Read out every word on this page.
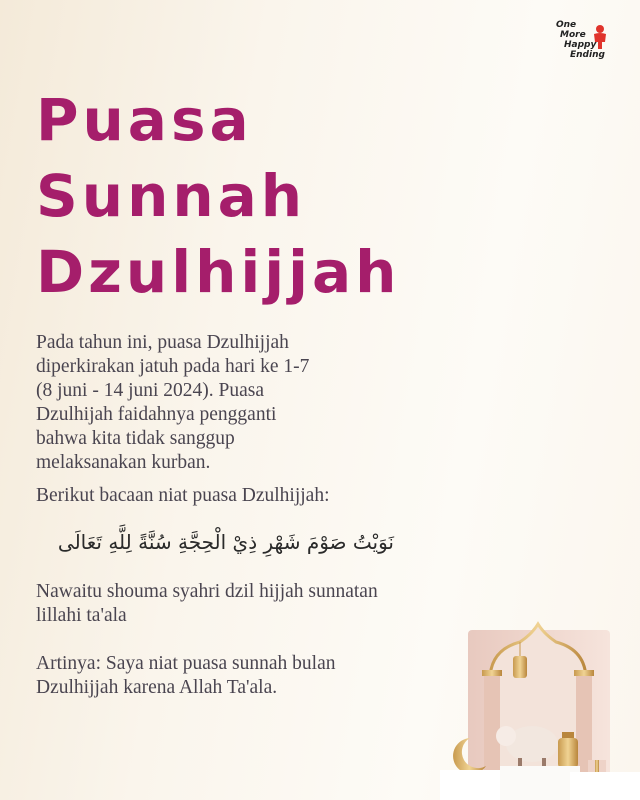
One
More
Happy
Ending
Puasa
Sunnah
Dzulhijjah

Pada tahun ini, puasa Dzulhijjah
diperkirakan jatuh pada hari ke 1-7
(8 juni - 14 juni 2024). Puasa
Dzulhijah faidahnya pengganti
bahwa kita tidak sanggup
melaksanakan kurban.

Berikut bacaan niat puasa Dzulhijjah:

نَوَيْتُ صَوْمَ شَهْرِ ذِيْ الْحِجَّةِ سُنَّةً لِلَّهِ تَعَالَى

Nawaitu shouma syahri dzil hijjah sunnatan
lillahi ta'ala

Artinya: Saya niat puasa sunnah bulan
Dzulhijjah karena Allah Ta'ala.
